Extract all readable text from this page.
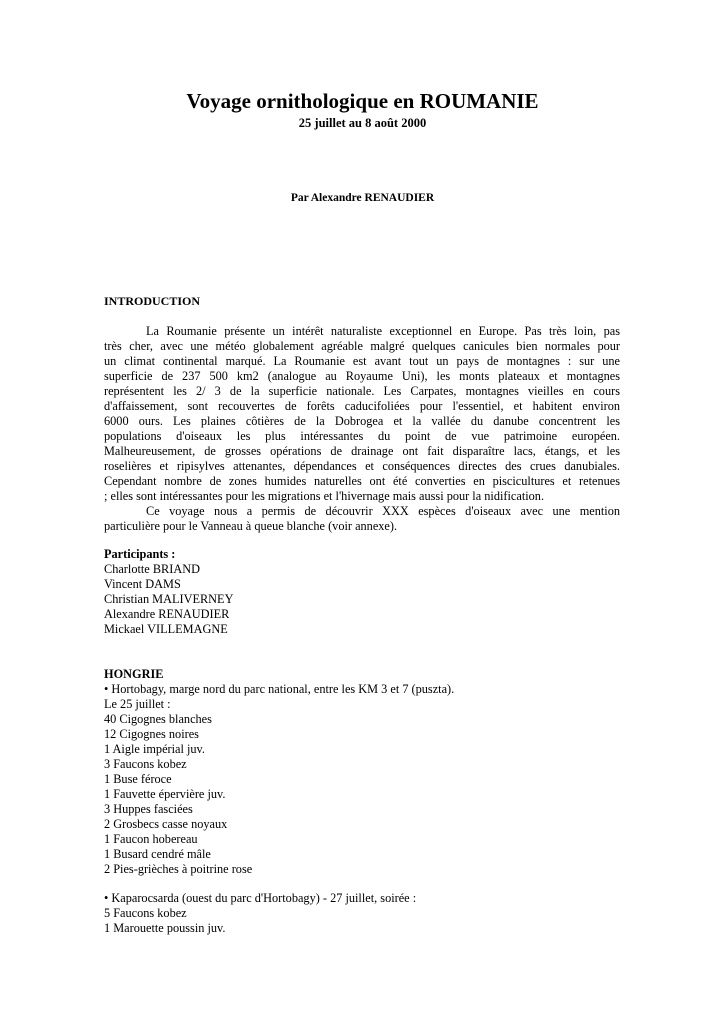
Voyage ornithologique en ROUMANIE
25 juillet au 8 août 2000
Par Alexandre RENAUDIER
INTRODUCTION
La Roumanie présente un intérêt naturaliste exceptionnel en Europe. Pas très loin, pas
très cher, avec une météo globalement agréable malgré quelques canicules bien normales pour
un climat continental marqué. La Roumanie est avant tout un pays de montagnes : sur une
superficie de 237 500 km2 (analogue au Royaume Uni), les monts plateaux et montagnes
représentent les 2/ 3 de la superficie nationale. Les Carpates, montagnes vieilles en cours
d'affaissement, sont recouvertes de forêts caducifoliées pour l'essentiel, et habitent environ
6000 ours. Les plaines côtières de la Dobrogea et la vallée du danube concentrent les
populations d'oiseaux les plus intéressantes du point de vue patrimoine européen.
Malheureusement, de grosses opérations de drainage ont fait disparaître lacs, étangs, et les
roselières et ripisylves attenantes, dépendances et conséquences directes des crues danubiales.
Cependant nombre de zones humides naturelles ont été converties en piscicultures et retenues
; elles sont intéressantes pour les migrations et l'hivernage mais aussi pour la nidification.
Ce voyage nous a permis de découvrir XXX espèces d'oiseaux avec une mention
particulière pour le Vanneau à queue blanche (voir annexe).
Participants :
Charlotte BRIAND
Vincent DAMS
Christian MALIVERNEY
Alexandre RENAUDIER
Mickael VILLEMAGNE
HONGRIE
• Hortobagy, marge nord du parc national, entre les KM 3 et 7 (puszta).
Le 25 juillet :
40 Cigognes blanches
12 Cigognes noires
1 Aigle impérial juv.
3 Faucons kobez
1 Buse féroce
1 Fauvette épervière juv.
3 Huppes fasciées
2 Grosbecs casse noyaux
1 Faucon hobereau
1 Busard cendré mâle
2 Pies-grièches à poitrine rose
• Kaparocsarda (ouest du parc d'Hortobagy) - 27 juillet, soirée :
5 Faucons kobez
1 Marouette poussin juv.
